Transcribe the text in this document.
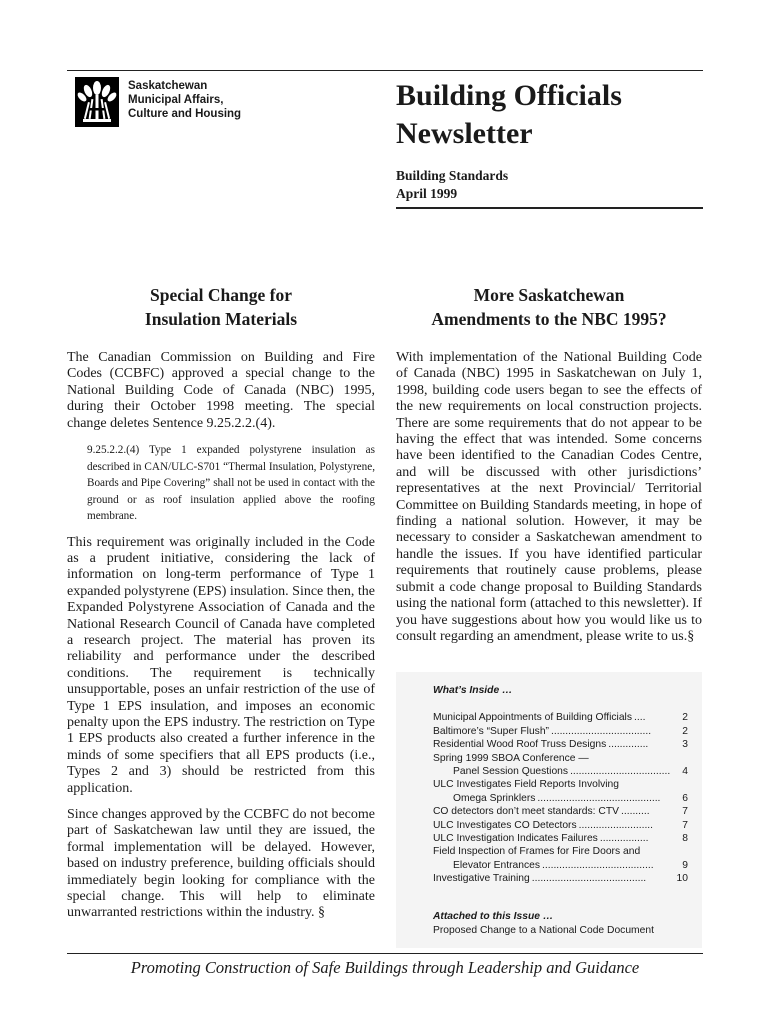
Saskatchewan
Municipal Affairs,
Culture and Housing
Building Officials
Newsletter
Building Standards
April 1999
Special Change for
Insulation Materials

The Canadian Commission on Building and Fire Codes (CCBFC) approved a special change to the National Building Code of Canada (NBC) 1995, during their October 1998 meeting. The special change deletes Sentence 9.25.2.2.(4).

9.25.2.2.(4) Type 1 expanded polystyrene insulation as described in CAN/ULC-S701 “Thermal Insulation, Polystyrene, Boards and Pipe Covering” shall not be used in contact with the ground or as roof insulation applied above the roofing membrane.

This requirement was originally included in the Code as a prudent initiative, considering the lack of information on long-term performance of Type 1 expanded polystyrene (EPS) insulation. Since then, the Expanded Polystyrene Association of Canada and the National Research Council of Canada have completed a research project. The material has proven its reliability and performance under the described conditions. The requirement is technically unsupportable, poses an unfair restriction of the use of Type 1 EPS insulation, and imposes an economic penalty upon the EPS industry. The restriction on Type 1 EPS products also created a further inference in the minds of some specifiers that all EPS products (i.e., Types 2 and 3) should be restricted from this application.

Since changes approved by the CCBFC do not become part of Saskatchewan law until they are issued, the formal implementation will be delayed. However, based on industry preference, building officials should immediately begin looking for compliance with the special change. This will help to eliminate unwarranted restrictions within the industry. §

More Saskatchewan
Amendments to the NBC 1995?

With implementation of the National Building Code of Canada (NBC) 1995 in Saskatchewan on July 1, 1998, building code users began to see the effects of the new requirements on local construction projects. There are some requirements that do not appear to be having the effect that was intended. Some concerns have been identified to the Canadian Codes Centre, and will be discussed with other jurisdictions’ representatives at the next Provincial/ Territorial Committee on Building Standards meeting, in hope of finding a national solution. However, it may be necessary to consider a Saskatchewan amendment to handle the issues. If you have identified particular requirements that routinely cause problems, please submit a code change proposal to Building Standards using the national form (attached to this newsletter). If you have suggestions about how you would like us to consult regarding an amendment, please write to us.§

What’s Inside …
Municipal Appointments of Building Officials ....	2
Baltimore’s “Super Flush” ...................................	2
Residential Wood Roof Truss Designs ..............	3
Spring 1999 SBOA Conference —
Panel Session Questions ...................................	4
ULC Investigates Field Reports Involving
Omega Sprinklers ...........................................	6
CO detectors don’t meet standards: CTV ..........	7
ULC Investigates CO Detectors ..........................	7
ULC Investigation Indicates Failures .................	8
Field Inspection of Frames for Fire Doors and
Elevator Entrances .......................................	9
Investigative Training ........................................	10
Attached to this Issue …
Proposed Change to a National Code Document
Promoting Construction of Safe Buildings through Leadership and Guidance
